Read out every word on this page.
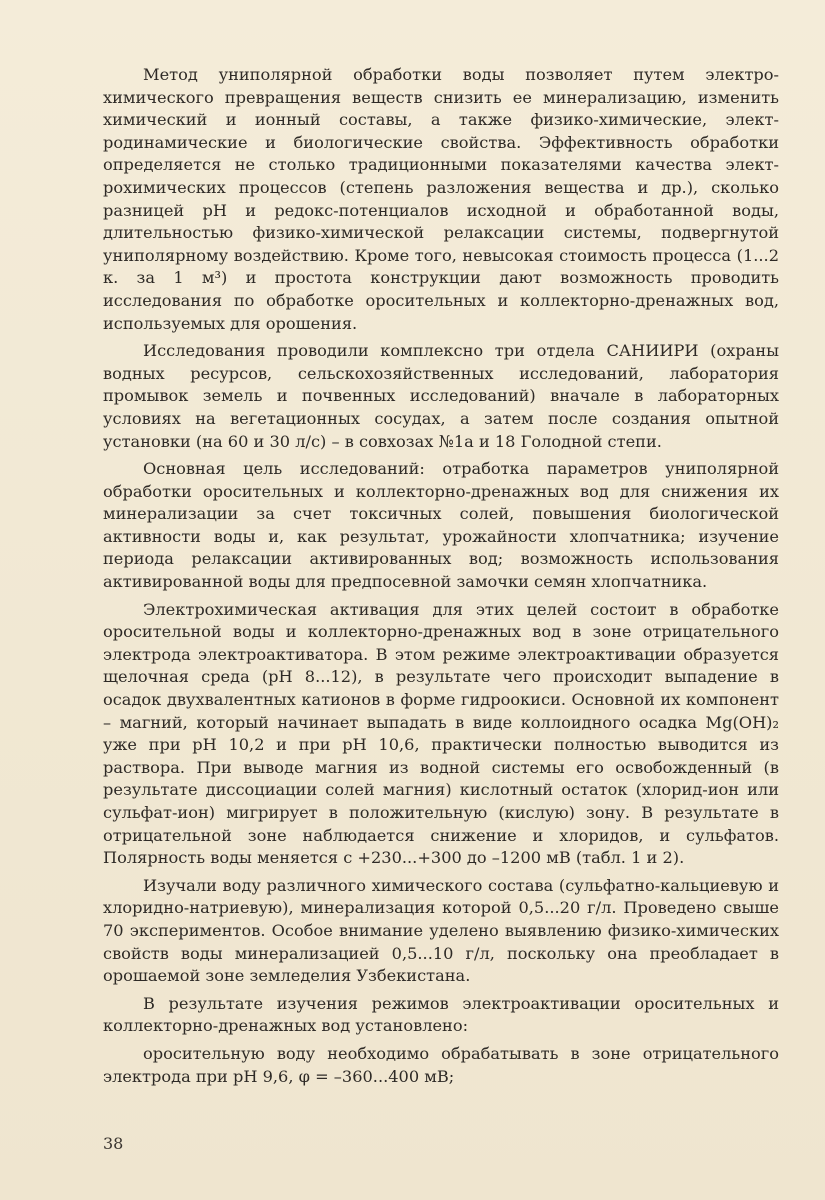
Метод униполярной обработки воды позволяет путем электрохимического превращения веществ снизить ее минерализацию, изменить химический и ионный составы, а также физико-химические, электродинамические и биологические свойства. Эффективность обработки определяется не столько традиционными показателями качества электрохимических процессов (степень разложения вещества и др.), сколько разницей pH и редокс-потенциалов исходной и обработанной воды, длительностью физико-химической релаксации системы, подвергнутой униполярному воздействию. Кроме того, невысокая стоимость процесса (1...2 к. за 1 м³) и простота конструкции дают возможность проводить исследования по обработке оросительных и коллекторно-дренажных вод, используемых для орошения.

Исследования проводили комплексно три отдела САНИИРИ (охраны водных ресурсов, сельскохозяйственных исследований, лаборатория промывок земель и почвенных исследований) вначале в лабораторных условиях на вегетационных сосудах, а затем после создания опытной установки (на 60 и 30 л/с) – в совхозах №1а и 18 Голодной степи.

Основная цель исследований: отработка параметров униполярной обработки оросительных и коллекторно-дренажных вод для снижения их минерализации за счет токсичных солей, повышения биологической активности воды и, как результат, урожайности хлопчатника; изучение периода релаксации активированных вод; возможность использования активированной воды для предпосевной замочки семян хлопчатника.

Электрохимическая активация для этих целей состоит в обработке оросительной воды и коллекторно-дренажных вод в зоне отрицательного электрода электроактиватора. В этом режиме электроактивации образуется щелочная среда (pH 8...12), в результате чего происходит выпадение в осадок двухвалентных катионов в форме гидроокиси. Основной их компонент – магний, который начинает выпадать в виде коллоидного осадка Mg(OH)₂ уже при pH 10,2 и при pH 10,6, практически полностью выводится из раствора. При выводе магния из водной системы его освобожденный (в результате диссоциации солей магния) кислотный остаток (хлорид-ион или сульфат-ион) мигрирует в положительную (кислую) зону. В результате в отрицательной зоне наблюдается снижение и хлоридов, и сульфатов. Полярность воды меняется с +230...+300 до –1200 мВ (табл. 1 и 2).

Изучали воду различного химического состава (сульфатно-кальциевую и хлоридно-натриевую), минерализация которой 0,5...20 г/л. Проведено свыше 70 экспериментов. Особое внимание уделено выявлению физико-химических свойств воды минерализацией 0,5...10 г/л, поскольку она преобладает в орошаемой зоне земледелия Узбекистана.

В результате изучения режимов электроактивации оросительных и коллекторно-дренажных вод установлено:

оросительную воду необходимо обрабатывать в зоне отрицательного электрода при pH 9,6, φ = –360...400 мВ;

38
